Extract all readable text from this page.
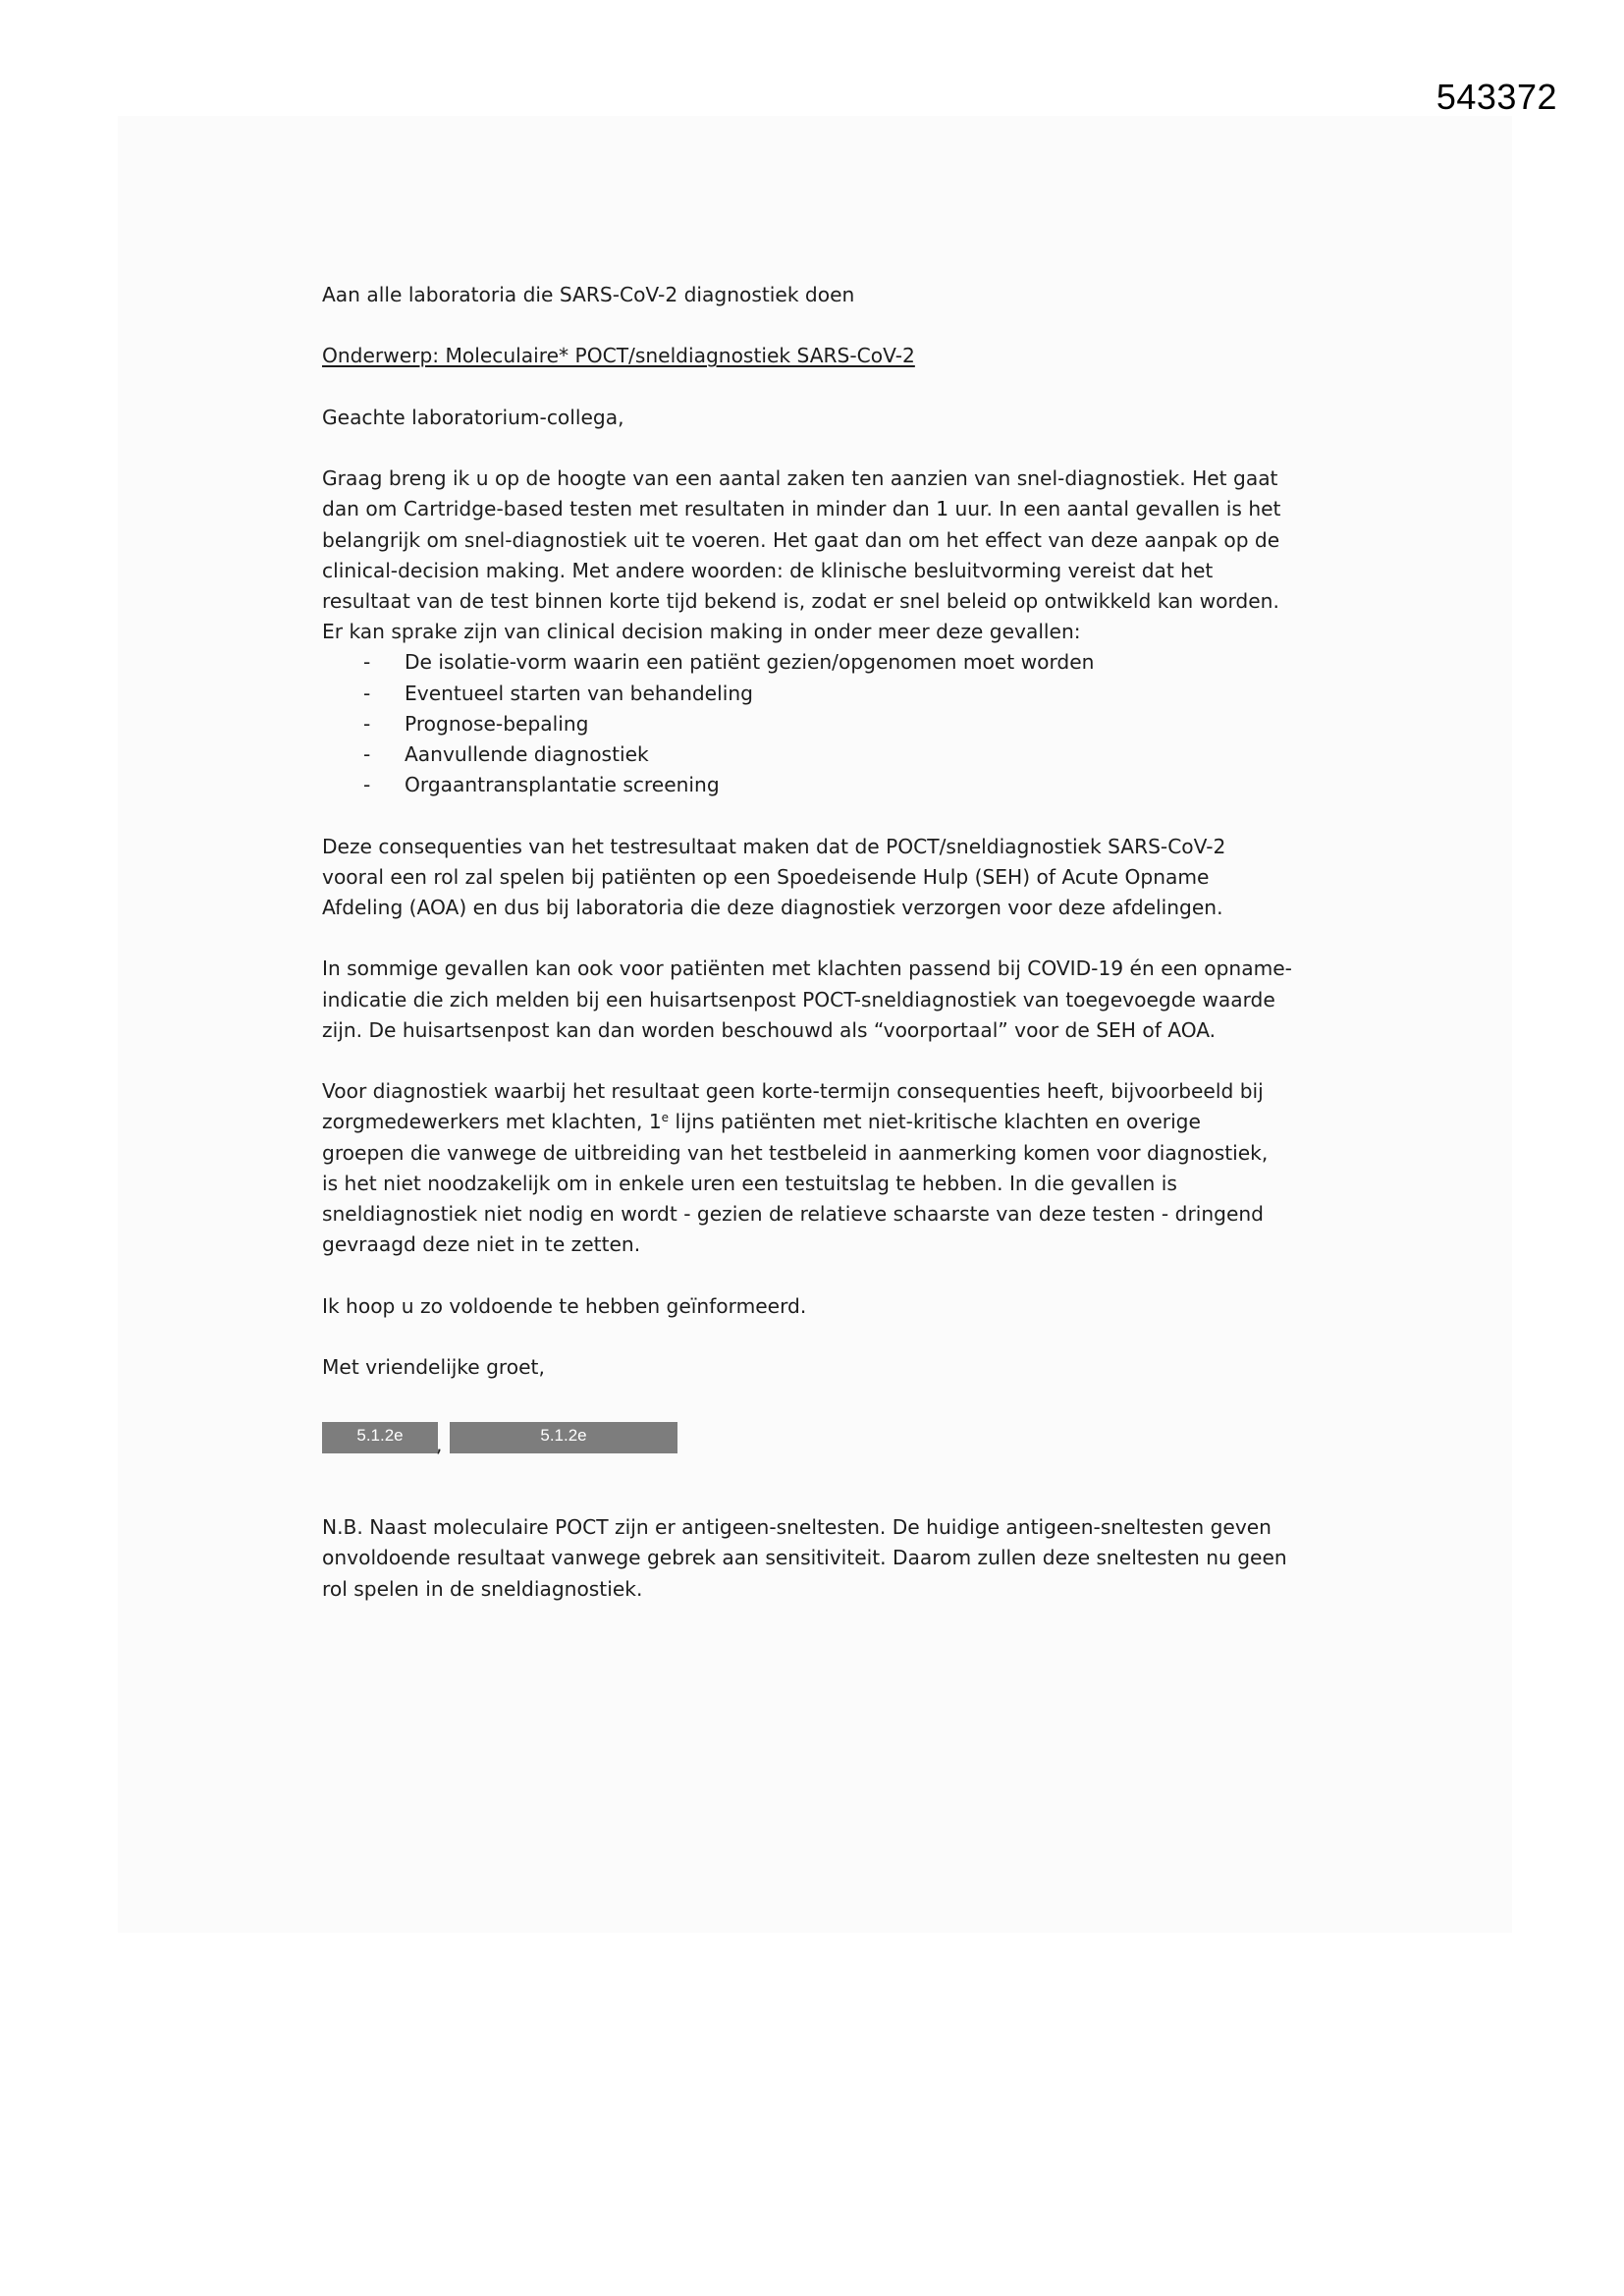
543372

Aan alle laboratoria die SARS-CoV-2 diagnostiek doen

Onderwerp: Moleculaire* POCT/sneldiagnostiek SARS-CoV-2

Geachte laboratorium-collega,

Graag breng ik u op de hoogte van een aantal zaken ten aanzien van snel-diagnostiek. Het gaat
dan om Cartridge-based testen met resultaten in minder dan 1 uur. In een aantal gevallen is het
belangrijk om snel-diagnostiek uit te voeren. Het gaat dan om het effect van deze aanpak op de
clinical-decision making. Met andere woorden: de klinische besluitvorming vereist dat het
resultaat van de test binnen korte tijd bekend is, zodat er snel beleid op ontwikkeld kan worden.
Er kan sprake zijn van clinical decision making in onder meer deze gevallen:
- De isolatie-vorm waarin een patiënt gezien/opgenomen moet worden
- Eventueel starten van behandeling
- Prognose-bepaling
- Aanvullende diagnostiek
- Orgaantransplantatie screening

Deze consequenties van het testresultaat maken dat de POCT/sneldiagnostiek SARS-CoV-2
vooral een rol zal spelen bij patiënten op een Spoedeisende Hulp (SEH) of Acute Opname
Afdeling (AOA) en dus bij laboratoria die deze diagnostiek verzorgen voor deze afdelingen.

In sommige gevallen kan ook voor patiënten met klachten passend bij COVID-19 én een opname-
indicatie die zich melden bij een huisartsenpost POCT-sneldiagnostiek van toegevoegde waarde
zijn. De huisartsenpost kan dan worden beschouwd als “voorportaal” voor de SEH of AOA.

Voor diagnostiek waarbij het resultaat geen korte-termijn consequenties heeft, bijvoorbeeld bij
zorgmedewerkers met klachten, 1e lijns patiënten met niet-kritische klachten en overige
groepen die vanwege de uitbreiding van het testbeleid in aanmerking komen voor diagnostiek,
is het niet noodzakelijk om in enkele uren een testuitslag te hebben. In die gevallen is
sneldiagnostiek niet nodig en wordt - gezien de relatieve schaarste van deze testen - dringend
gevraagd deze niet in te zetten.

Ik hoop u zo voldoende te hebben geïnformeerd.

Met vriendelijke groet,

5.1.2e	,	5.1.2e

N.B. Naast moleculaire POCT zijn er antigeen-sneltesten. De huidige antigeen-sneltesten geven
onvoldoende resultaat vanwege gebrek aan sensitiviteit. Daarom zullen deze sneltesten nu geen
rol spelen in de sneldiagnostiek.
